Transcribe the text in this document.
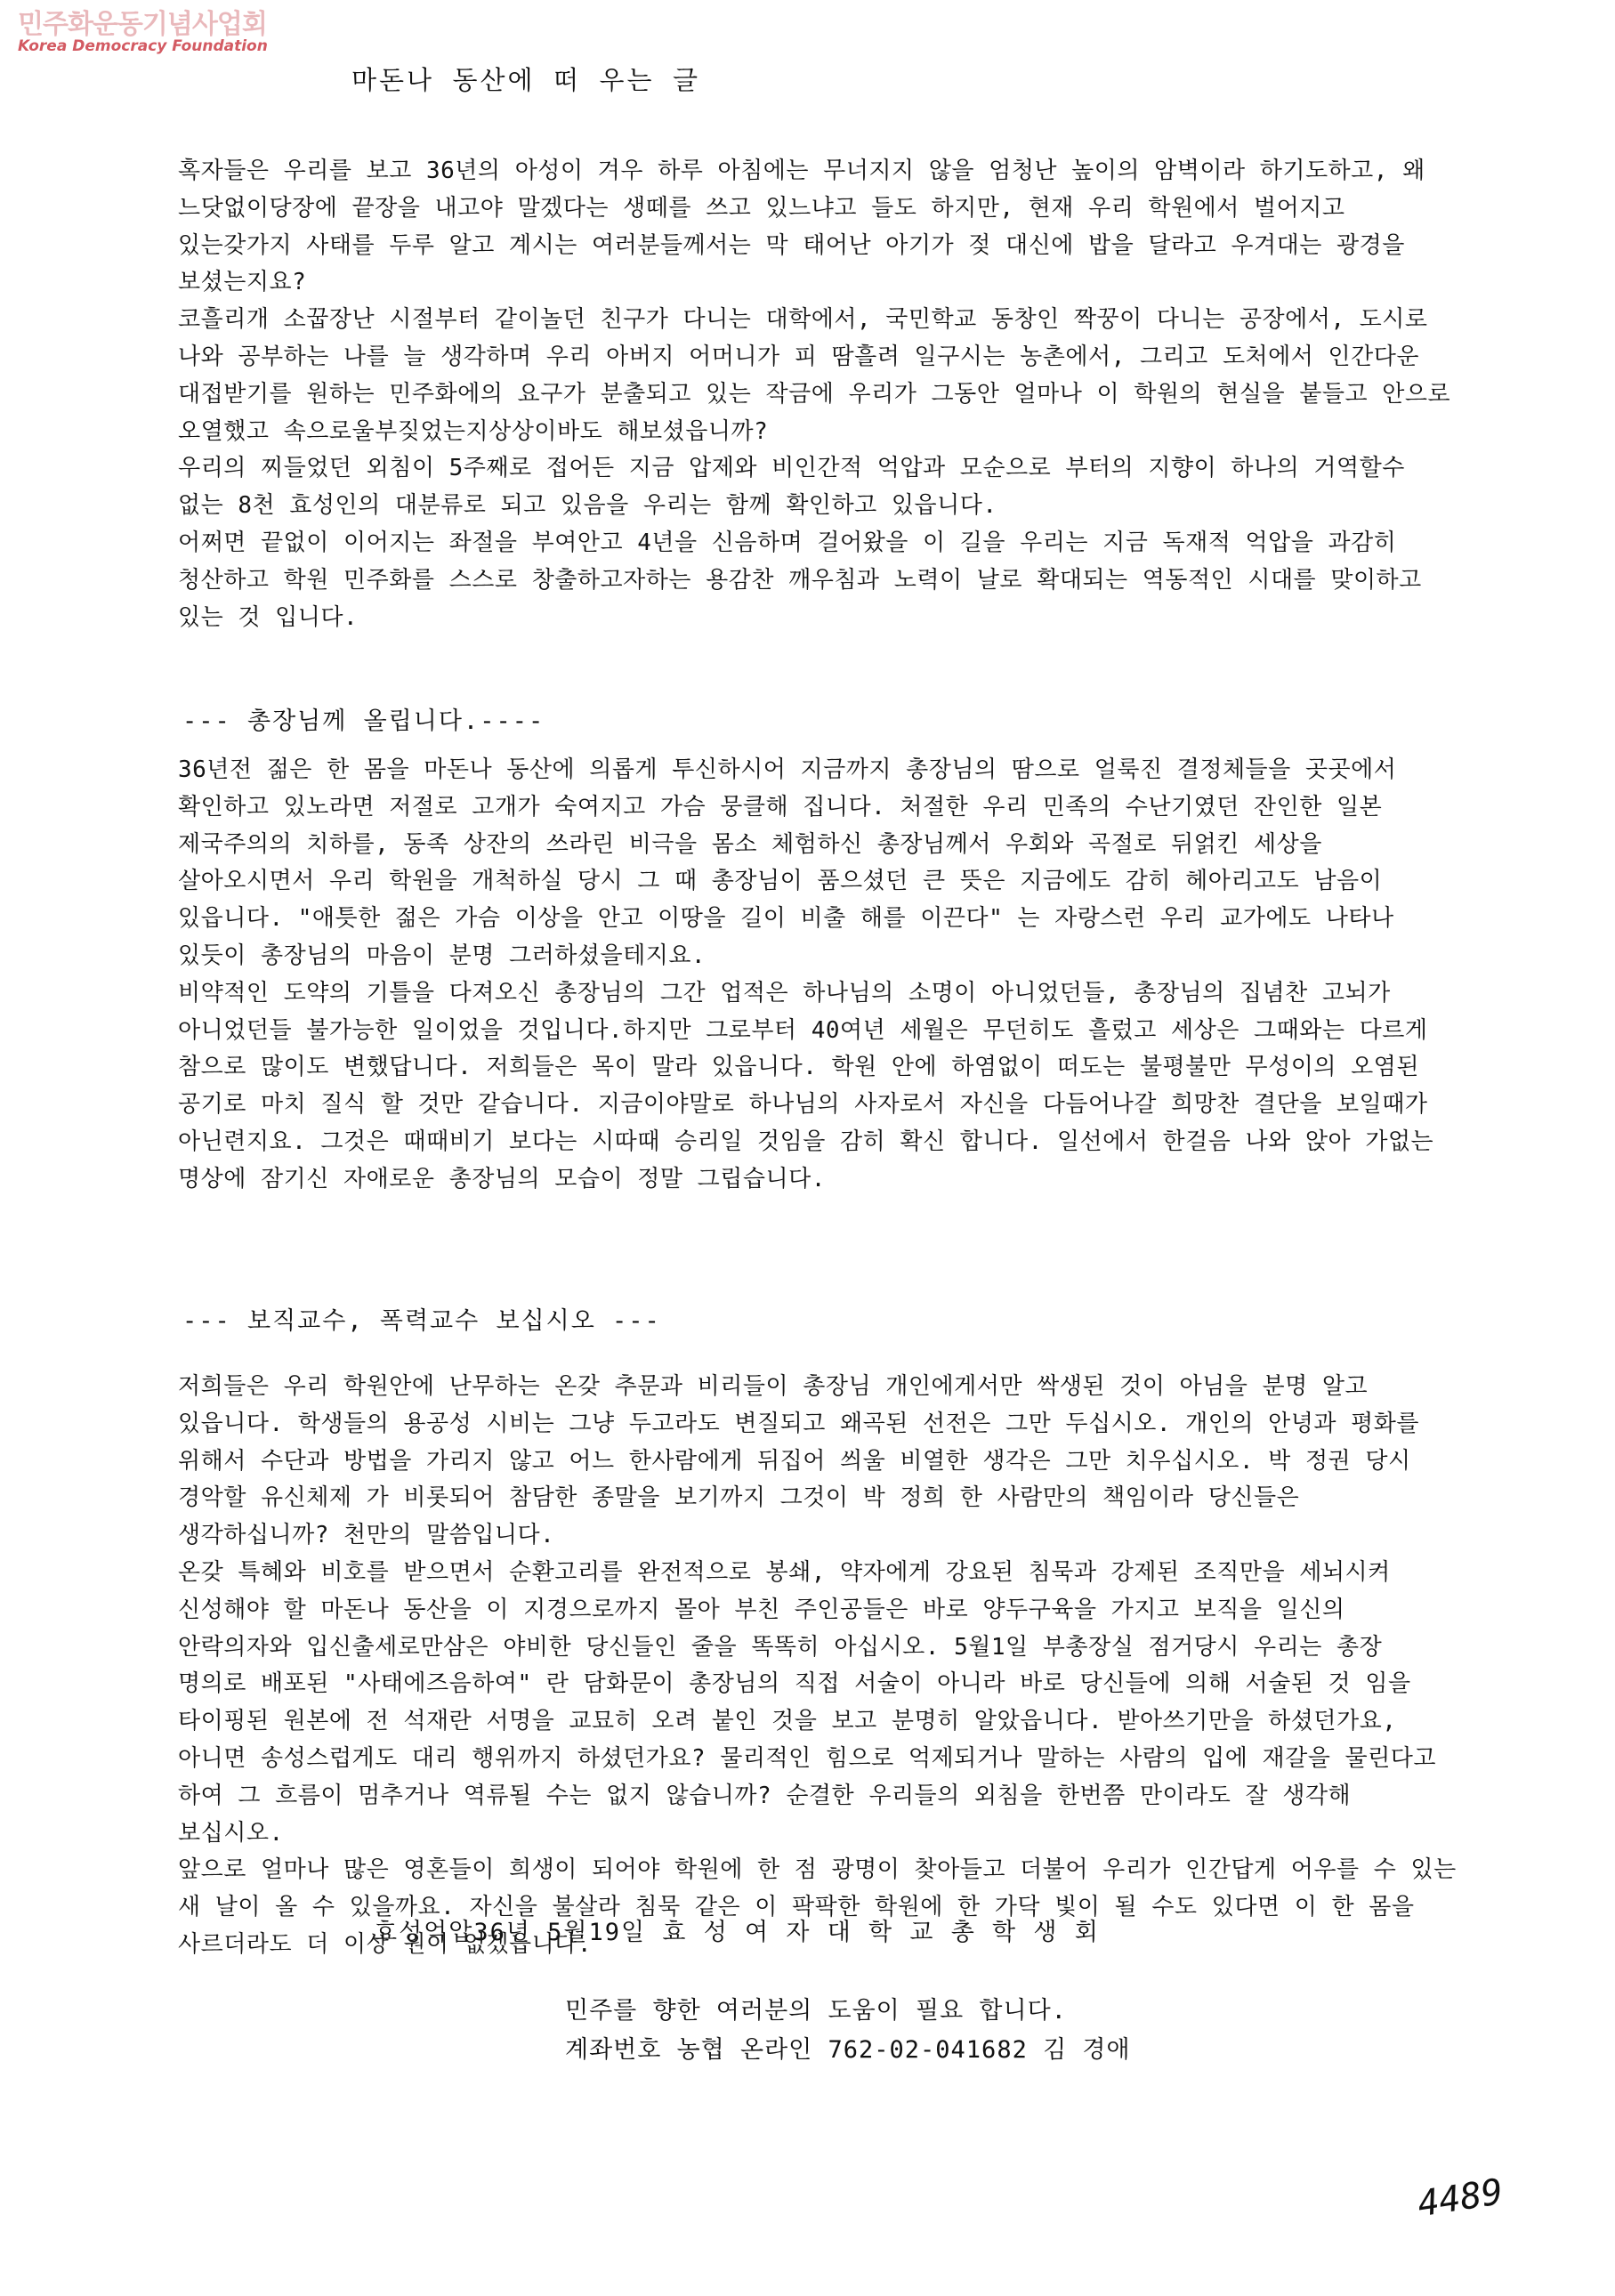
민주화운동기념사업회
Korea Democracy Foundation
마돈나 동산에 떠 우는 글

혹자들은 우리를 보고 36년의 아성이 겨우 하루 아침에는 무너지지 않을 엄청난 높이의 암벽이라 하기도하고, 왜 느닷없이당장에 끝장을 내고야 말겠다는 생떼를 쓰고 있느냐고 들도 하지만, 현재 우리 학원에서 벌어지고 있는갖가지 사태를 두루 알고 계시는 여러분들께서는 막 태어난 아기가 젖 대신에 밥을 달라고 우겨대는 광경을 보셨는지요?

코흘리개 소꿉장난 시절부터 같이놀던 친구가 다니는 대학에서, 국민학교 동창인 짝꿍이 다니는 공장에서, 도시로 나와 공부하는 나를 늘 생각하며 우리 아버지 어머니가 피 땀흘려 일구시는 농촌에서, 그리고 도처에서 인간다운 대접받기를 원하는 민주화에의 요구가 분출되고 있는 작금에 우리가 그동안 얼마나 이 학원의 현실을 붙들고 안으로 오열했고 속으로울부짖었는지상상이바도 해보셨읍니까?

우리의 찌들었던 외침이 5주째로 접어든 지금 압제와 비인간적 억압과 모순으로 부터의 지향이 하나의 거역할수 없는 8천 효성인의 대분류로 되고 있음을 우리는 함께 확인하고 있읍니다.

어쩌면 끝없이 이어지는 좌절을 부여안고 4년을 신음하며 걸어왔을 이 길을 우리는 지금 독재적 억압을 과감히 청산하고 학원 민주화를 스스로 창출하고자하는 용감찬 깨우침과 노력이 날로 확대되는 역동적인 시대를 맞이하고 있는 것 입니다.

--- 총장님께 올립니다.----

36년전 젊은 한 몸을 마돈나 동산에 의롭게 투신하시어 지금까지 총장님의 땀으로 얼룩진 결정체들을 곳곳에서 확인하고 있노라면 저절로 고개가 숙여지고 가슴 뭉클해 집니다. 처절한 우리 민족의 수난기였던 잔인한 일본 제국주의의 치하를, 동족 상잔의 쓰라린 비극을 몸소 체험하신 총장님께서 우회와 곡절로 뒤얽킨 세상을 살아오시면서 우리 학원을 개척하실 당시 그 때 총장님이 품으셨던 큰 뜻은 지금에도 감히 헤아리고도 남음이 있읍니다. "애틋한 젊은 가슴 이상을 안고 이땅을 길이 비출 해를 이끈다" 는 자랑스런 우리 교가에도 나타나 있듯이 총장님의 마음이 분명 그러하셨을테지요.

비약적인 도약의 기틀을 다져오신 총장님의 그간 업적은 하나님의 소명이 아니었던들, 총장님의 집념찬 고뇌가 아니었던들 불가능한 일이었을 것입니다.하지만 그로부터 40여년 세월은 무던히도 흘렀고 세상은 그때와는 다르게 참으로 많이도 변했답니다. 저희들은 목이 말라 있읍니다. 학원 안에 하염없이 떠도는 불평불만 무성이의 오염된 공기로 마치 질식 할 것만 같습니다. 지금이야말로 하나님의 사자로서 자신을 다듬어나갈 희망찬 결단을 보일때가 아닌련지요. 그것은 때때비기 보다는 시따때 승리일 것임을 감히 확신 합니다. 일선에서 한걸음 나와 앉아 가없는 명상에 잠기신 자애로운 총장님의 모습이 정말 그립습니다.

--- 보직교수, 폭력교수 보십시오 ---

저희들은 우리 학원안에 난무하는 온갖 추문과 비리들이 총장님 개인에게서만 싹생된 것이 아님을 분명 알고 있읍니다. 학생들의 용공성 시비는 그냥 두고라도 변질되고 왜곡된 선전은 그만 두십시오. 개인의 안녕과 평화를 위해서 수단과 방법을 가리지 않고 어느 한사람에게 뒤집어 씌울 비열한 생각은 그만 치우십시오. 박 정권 당시 경악할 유신체제 가 비롯되어 참담한 종말을 보기까지 그것이 박 정희 한 사람만의 책임이라 당신들은 생각하십니까? 천만의 말씀입니다.

온갖 특혜와 비호를 받으면서 순환고리를 완전적으로 봉쇄, 약자에게 강요된 침묵과 강제된 조직만을 세뇌시켜 신성해야 할 마돈나 동산을 이 지경으로까지 몰아 부친 주인공들은 바로 양두구육을 가지고 보직을 일신의 안락의자와 입신출세로만삼은 야비한 당신들인 줄을 똑똑히 아십시오. 5월1일 부총장실 점거당시 우리는 총장 명의로 배포된 "사태에즈음하여" 란 담화문이 총장님의 직접 서술이 아니라 바로 당신들에 의해 서술된 것 임을 타이핑된 원본에 전 석재란 서명을 교묘히 오려 붙인 것을 보고 분명히 알았읍니다. 받아쓰기만을 하셨던가요, 아니면 송성스럽게도 대리 행위까지 하셨던가요? 물리적인 힘으로 억제되거나 말하는 사람의 입에 재갈을 물린다고 하여 그 흐름이 멈추거나 역류될 수는 없지 않습니까? 순결한 우리들의 외침을 한번쯤 만이라도 잘 생각해 보십시오.

앞으로 얼마나 많은 영혼들이 희생이 되어야 학원에 한 점 광명이 찾아들고 더불어 우리가 인간답게 어우를 수 있는 새 날이 올 수 있을까요. 자신을 불살라 침묵 같은 이 팍팍한 학원에 한 가닥 빛이 될 수도 있다면 이 한 몸을 사르더라도 더 이상 원이 없겠읍니다.

효성억압36년 5월19일 효 성 여 자 대 학 교 총 학 생 회
민주를 향한 여러분의 도움이 필요 합니다.
계좌번호 농협 온라인 762-02-041682 김 경애
4489
